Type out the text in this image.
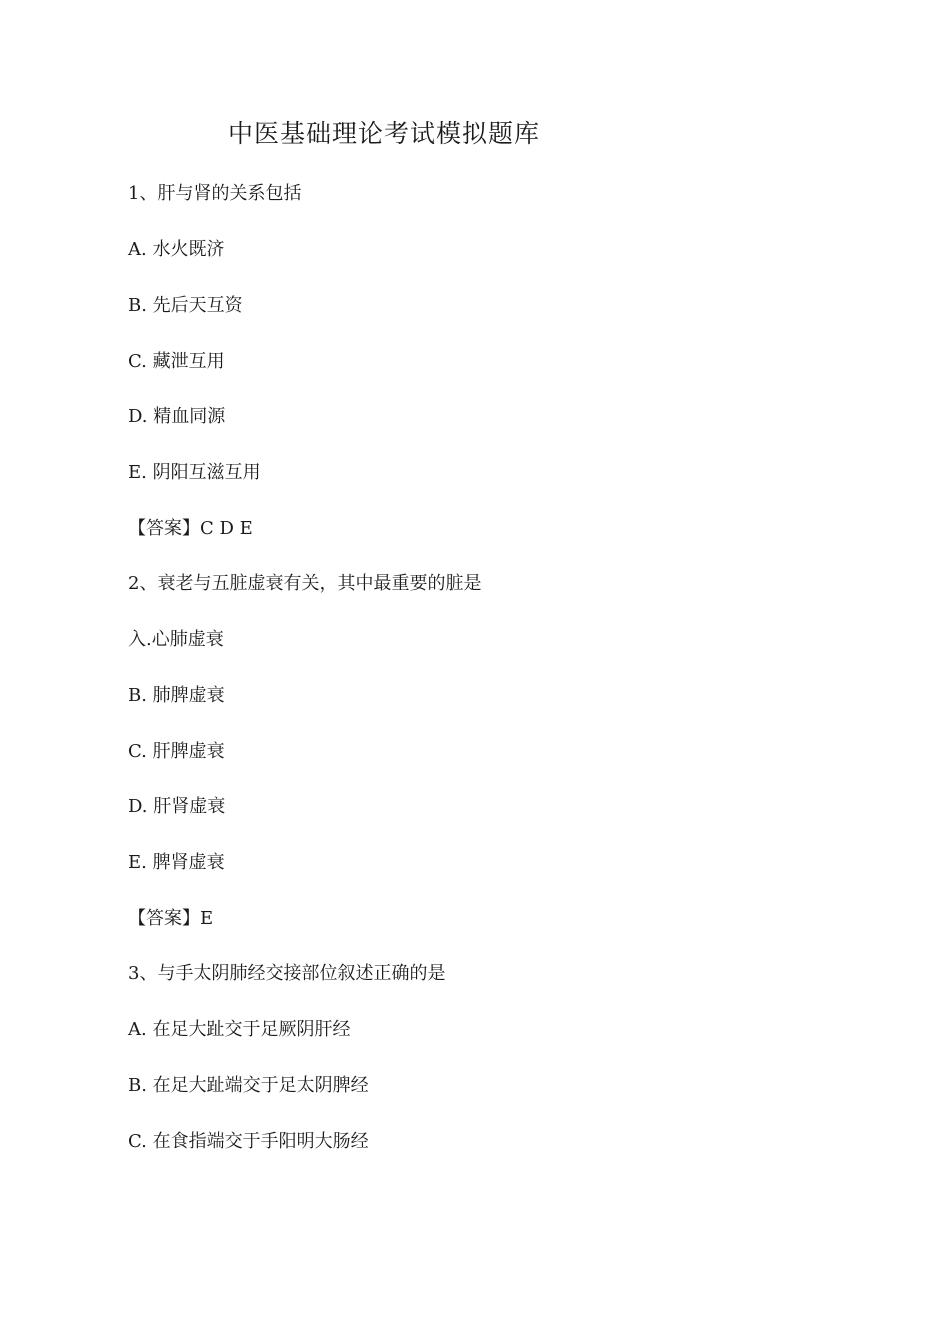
中医基础理论考试模拟题库
1、肝与肾的关系包括
A. 水火既济
B. 先后天互资
C. 藏泄互用
D. 精血同源
E. 阴阳互滋互用
【答案】C D E
2、衰老与五脏虚衰有关，其中最重要的脏是
入.心肺虚衰
B. 肺脾虚衰
C. 肝脾虚衰
D. 肝肾虚衰
E. 脾肾虚衰
【答案】E
3、与手太阴肺经交接部位叙述正确的是
A. 在足大趾交于足厥阴肝经
B. 在足大趾端交于足太阴脾经
C. 在食指端交于手阳明大肠经
